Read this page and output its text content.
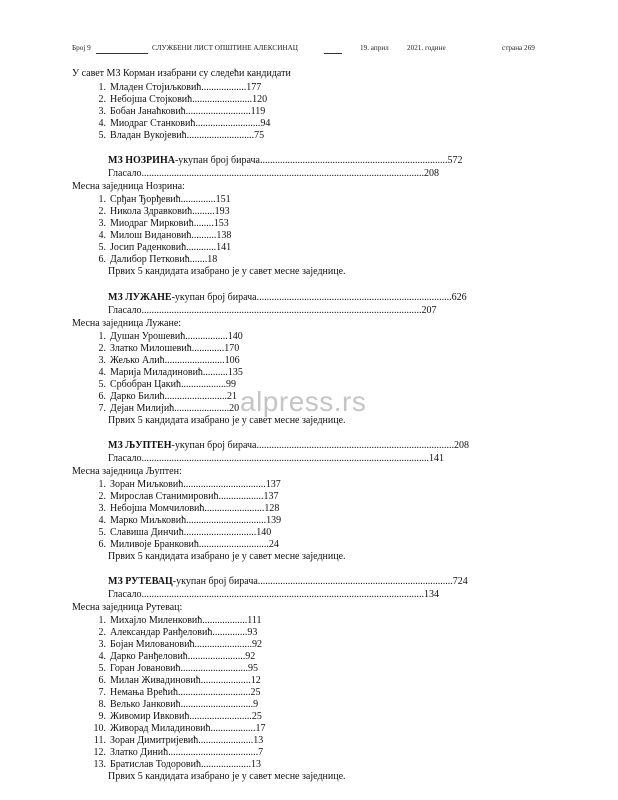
Број 9	СЛУЖБЕНИ ЛИСТ ОПШТИНЕ АЛЕКСИНАЦ	19. април	2021. године	страна 269
У савет МЗ Корман изабрани су следећи кандидати
1. Младен Стојиљковић..................177
2. Небојша Стојковић........................120
3. Бобан Јанаћковић..........................119
4. Миодраг Станковић..........................94
5. Владан Вукојевић...........................75
МЗ НОЗРИНА-укупан број бирача...........................................................................572
Гласало.................................................................................................................208
Месна заједница Нозрина:
1. Срђан Ђорђевић..............151
2. Никола Здравковић.........193
3. Миодраг Мирковић........153
4. Милош Видановић..........138
5. Јосип Раденковић............141
6. Далибор Петковић.......18
Првих 5 кандидата изабрано је у савет месне заједнице.
МЗ ЛУЖАНЕ-укупан број бирача..............................................................................626
Гласало................................................................................................................207
Месна заједница Лужане:
1. Душан Урошевић.................140
2. Златко Милошевић.............170
3. Жељко Алић........................106
4. Марија Миладиновић..........135
5. Србобран Цакић..................99
6. Дарко Билић.........................21
7. Дејан Милијић......................20
Првих 5 кандидата изабрано је у савет месне заједнице.
МЗ ЉУПТЕН-укупан број бирача...............................................................................208
Гласало...................................................................................................................141
Месна заједница Љуптен:
1. Зоран Миљковић.................................137
2. Мирослав Станимировић..................137
3. Небојша Момчиловић........................128
4. Марко Миљковић................................139
5. Славиша Динчић.............................140
6. Миливоје Бранковић............................24
Првих 5 кандидата изабрано је у савет месне заједнице.
МЗ РУТЕВАЦ-укупан број бирача..............................................................................724
Гласало.................................................................................................................134
Месна заједница Рутевац:
1. Михајло Миленковић..................111
2. Александар Ранђеловић..............93
3. Бојан Милованови̇ћ.......................92
4. Дарко Ранђеловић.......................92
5. Горан Јовановић...........................95
6. Милан Живадиновић....................12
7. Немања Врећић.............................25
8. Велько Јанковић.............................9
9. Живомир Ивковић.........................25
10. Живорад Миладиновић..................17
11. Зоран Димитријевић......................13
12. Златко Динић....................................7
13. Братислав Тодоровић....................13
Првих 5 кандидата изабрано је у савет месне заједнице.
alpress.rs
